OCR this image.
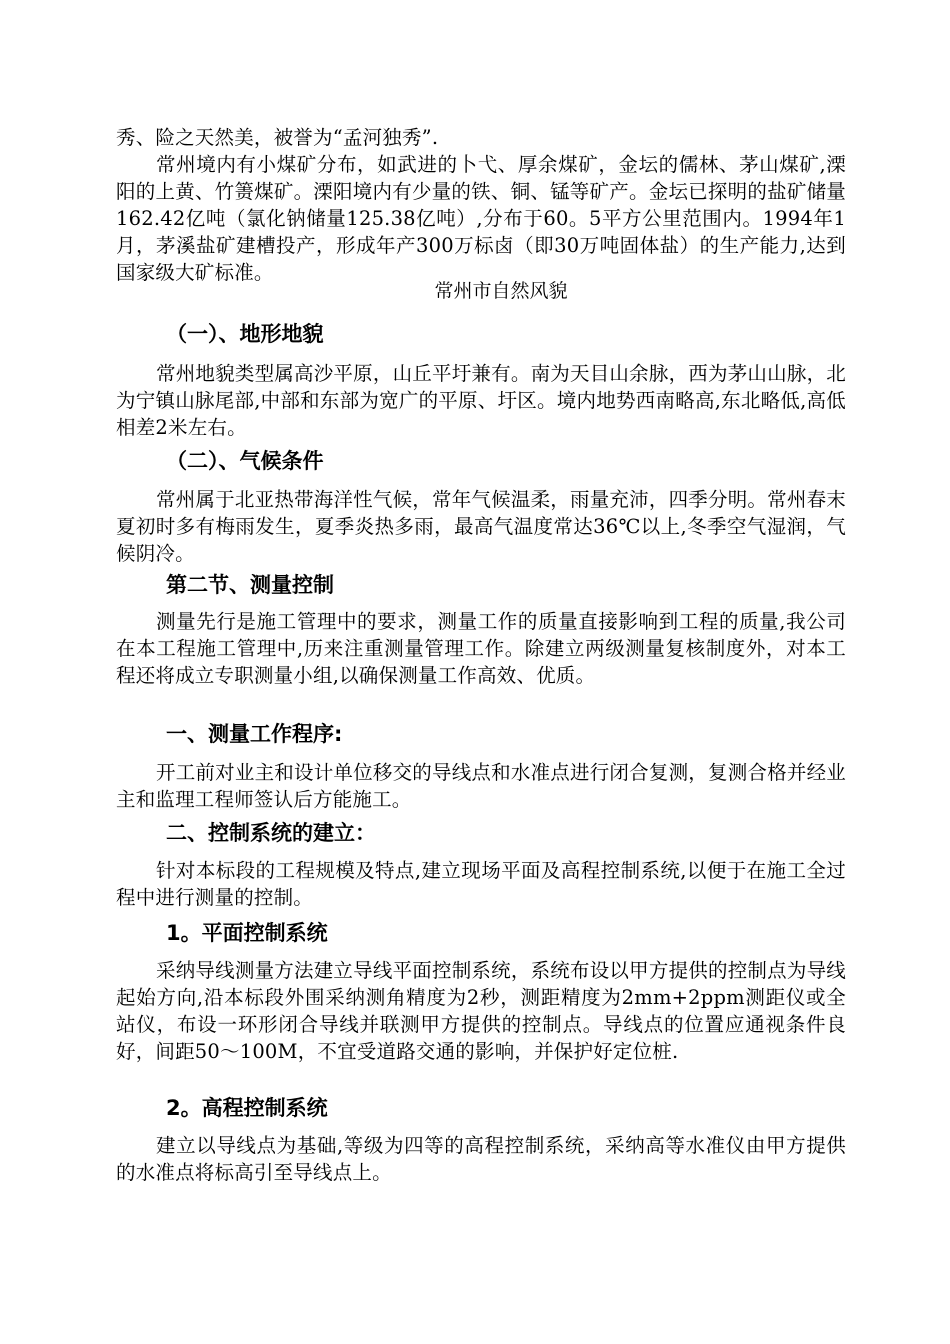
秀、险之天然美，被誉为“孟河独秀”.

常州境内有小煤矿分布，如武进的卜弋、厚余煤矿，金坛的儒林、茅山煤矿,溧阳的上黄、竹箦煤矿。溧阳境内有少量的铁、铜、锰等矿产。金坛已探明的盐矿储量162.42亿吨（氯化钠储量125.38亿吨）,分布于60。5平方公里范围内。1994年1月，茅溪盐矿建槽投产，形成年产300万标卤（即30万吨固体盐）的生产能力,达到国家级大矿标准。

常州市自然风貌

（一）、地形地貌

常州地貌类型属高沙平原，山丘平圩兼有。南为天目山余脉，西为茅山山脉，北为宁镇山脉尾部,中部和东部为宽广的平原、圩区。境内地势西南略高,东北略低,高低相差2米左右。

（二）、气候条件

常州属于北亚热带海洋性气候，常年气候温柔，雨量充沛，四季分明。常州春末夏初时多有梅雨发生，夏季炎热多雨，最高气温度常达36℃以上,冬季空气湿润，气候阴冷。

第二节、测量控制

测量先行是施工管理中的要求，测量工作的质量直接影响到工程的质量,我公司在本工程施工管理中,历来注重测量管理工作。除建立两级测量复核制度外，对本工程还将成立专职测量小组,以确保测量工作高效、优质。

一、测量工作程序:

开工前对业主和设计单位移交的导线点和水准点进行闭合复测，复测合格并经业主和监理工程师签认后方能施工。

二、控制系统的建立：

针对本标段的工程规模及特点,建立现场平面及高程控制系统,以便于在施工全过程中进行测量的控制。

1。平面控制系统

采纳导线测量方法建立导线平面控制系统，系统布设以甲方提供的控制点为导线起始方向,沿本标段外围采纳测角精度为2秒，测距精度为2mm+2ppm测距仪或全站仪，布设一环形闭合导线并联测甲方提供的控制点。导线点的位置应通视条件良好，间距50～100M，不宜受道路交通的影响，并保护好定位桩.

2。高程控制系统

建立以导线点为基础,等级为四等的高程控制系统，采纳高等水准仪由甲方提供的水准点将标高引至导线点上。
